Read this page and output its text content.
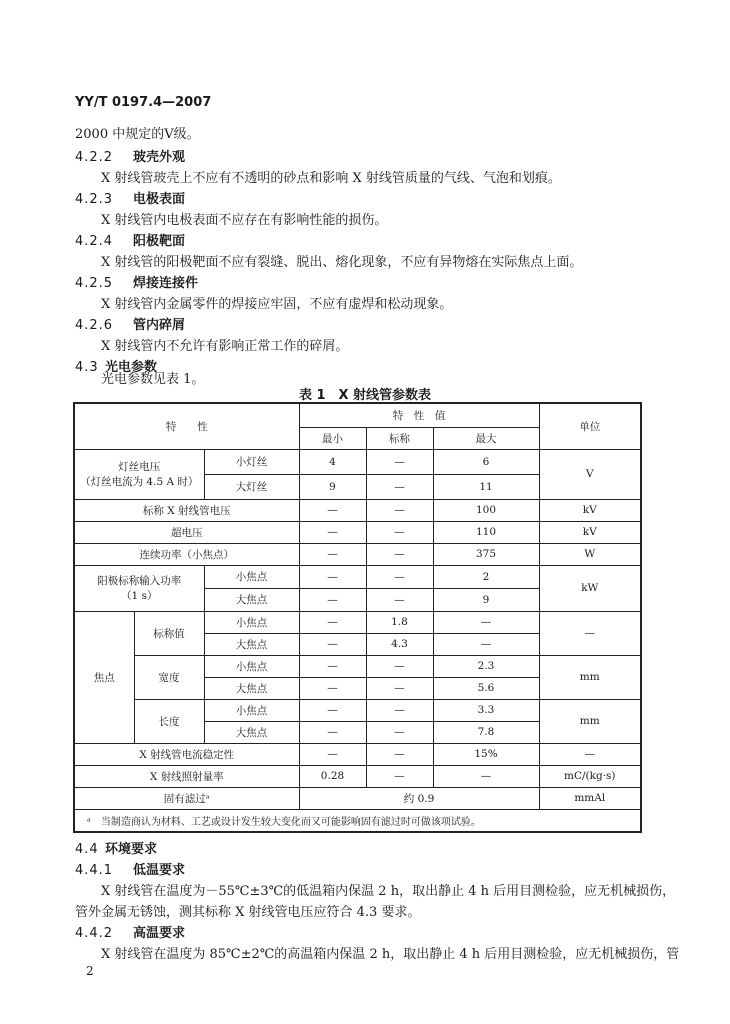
YY/T 0197.4—2007
2000 中规定的Ⅴ级。
4.2.2 玻壳外观
X 射线管玻壳上不应有不透明的砂点和影响 X 射线管质量的气线、气泡和划痕。
4.2.3 电极表面
X 射线管内电极表面不应存在有影响性能的损伤。
4.2.4 阳极靶面
X 射线管的阳极靶面不应有裂缝、脱出、熔化现象，不应有异物熔在实际焦点上面。
4.2.5 焊接连接件
X 射线管内金属零件的焊接应牢固，不应有虚焊和松动现象。
4.2.6 管内碎屑
X 射线管内不允许有影响正常工作的碎屑。
4.3 光电参数
光电参数见表 1。
表 1　X 射线管参数表
特　　性			特　性　值			单位
			最小	标称	最大	
灯丝电压
（灯丝电流为 4.5 A 时）		小灯丝	4	—	6	V
		大灯丝	9	—	11	
标称 X 射线管电压			—	—	100	kV
超电压			—	—	110	kV
连续功率（小焦点）			—	—	375	W
阳极标称输入功率
（1 s）		小焦点	—	—	2	kW
		大焦点	—	—	9	
焦点	标称值	小焦点	—	1.8	—	—
		大焦点	—	4.3	—	
	宽度	小焦点	—	—	2.3	mm
		大焦点	—	—	5.6	
	长度	小焦点	—	—	3.3	mm
		大焦点	—	—	7.8	
X 射线管电流稳定性			—	—	15%	—
X 射线照射量率			0.28	—	—	mC/(kg·s)
固有滤过ᵃ			约 0.9			mmAl
ᵃ　当制造商认为材料、工艺或设计发生较大变化而又可能影响固有滤过时可做该项试验。						
4.4 环境要求
4.4.1 低温要求
X 射线管在温度为－55℃±3℃的低温箱内保温 2 h，取出静止 4 h 后用目测检验，应无机械损伤，
管外金属无锈蚀，测其标称 X 射线管电压应符合 4.3 要求。
4.4.2 高温要求
X 射线管在温度为 85℃±2℃的高温箱内保温 2 h，取出静止 4 h 后用目测检验，应无机械损伤，管
2
